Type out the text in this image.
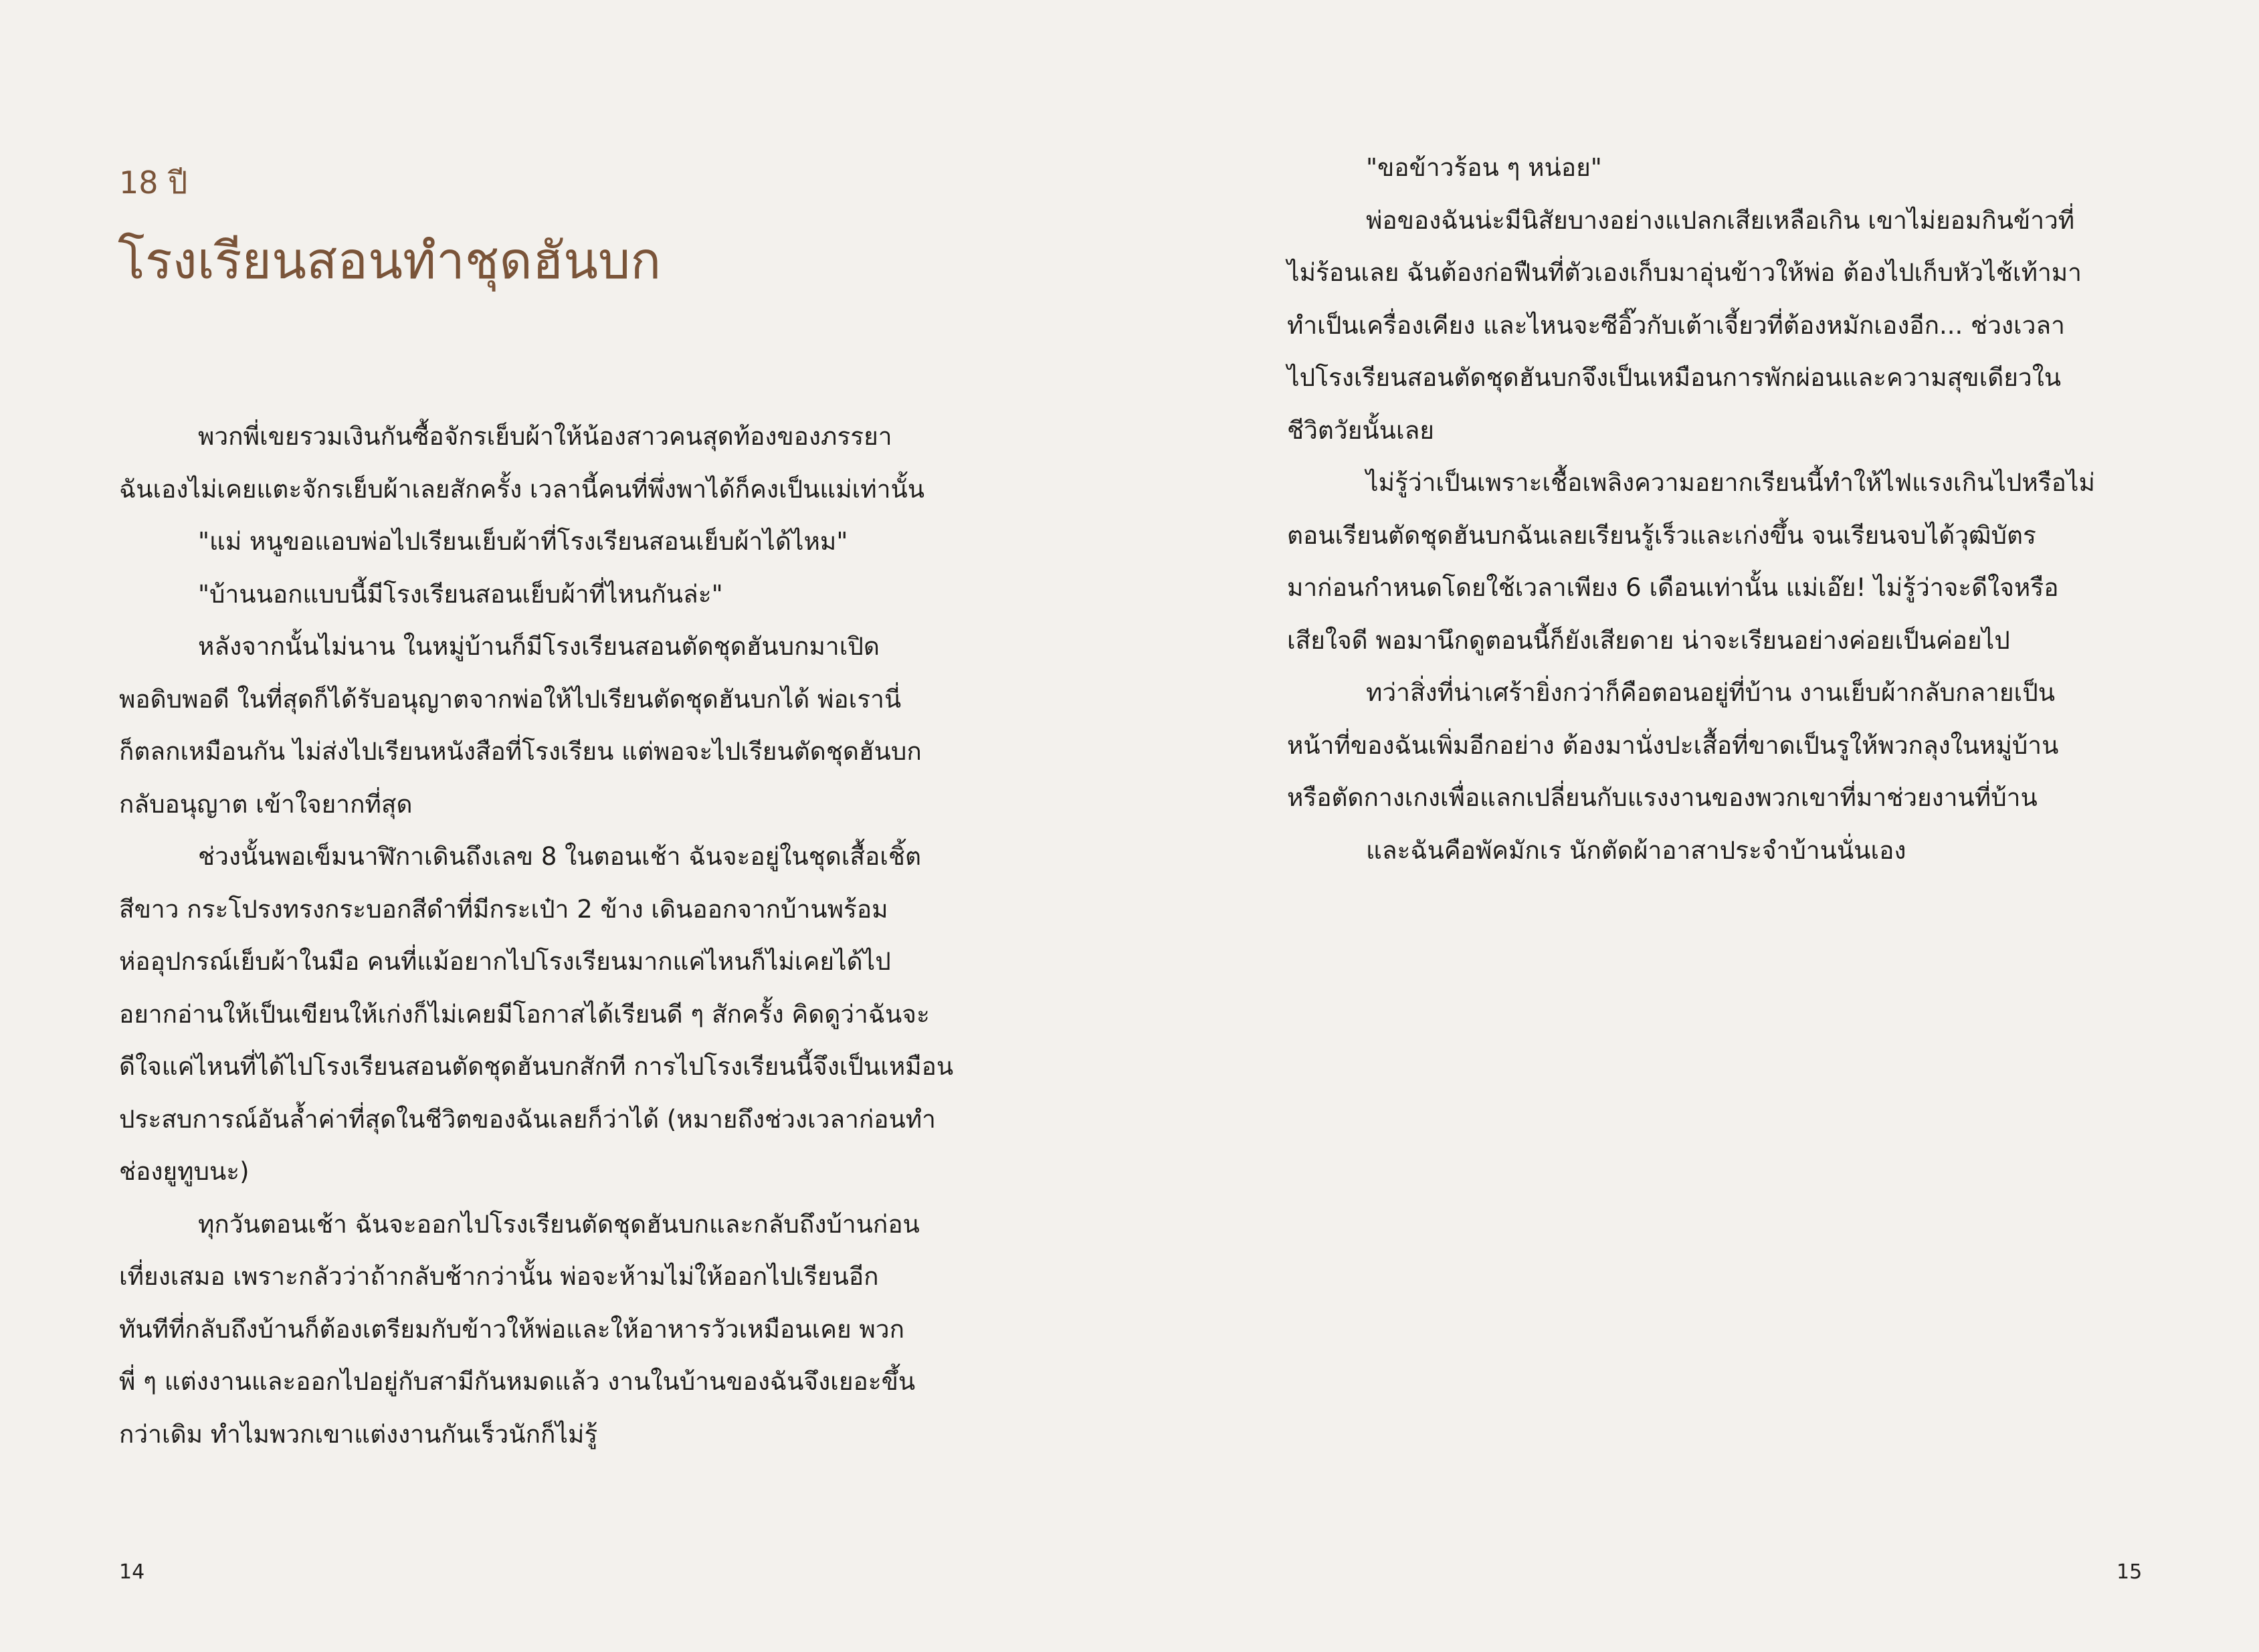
18 ปี
โรงเรียนสอนทำชุดฮันบก
พวกพี่เขยรวมเงินกันซื้อจักรเย็บผ้าให้น้องสาวคนสุดท้องของภรรยา
ฉันเองไม่เคยแตะจักรเย็บผ้าเลยสักครั้ง เวลานี้คนที่พึ่งพาได้ก็คงเป็นแม่เท่านั้น
"แม่ หนูขอแอบพ่อไปเรียนเย็บผ้าที่โรงเรียนสอนเย็บผ้าได้ไหม"
"บ้านนอกแบบนี้มีโรงเรียนสอนเย็บผ้าที่ไหนกันล่ะ"
หลังจากนั้นไม่นาน ในหมู่บ้านก็มีโรงเรียนสอนตัดชุดฮันบกมาเปิด
พอดิบพอดี ในที่สุดก็ได้รับอนุญาตจากพ่อให้ไปเรียนตัดชุดฮันบกได้ พ่อเรานี่
ก็ตลกเหมือนกัน ไม่ส่งไปเรียนหนังสือที่โรงเรียน แต่พอจะไปเรียนตัดชุดฮันบก
กลับอนุญาต เข้าใจยากที่สุด
ช่วงนั้นพอเข็มนาฬิกาเดินถึงเลข 8 ในตอนเช้า ฉันจะอยู่ในชุดเสื้อเชิ้ต
สีขาว กระโปรงทรงกระบอกสีดำที่มีกระเป๋า 2 ข้าง เดินออกจากบ้านพร้อม
ห่ออุปกรณ์เย็บผ้าในมือ คนที่แม้อยากไปโรงเรียนมากแค่ไหนก็ไม่เคยได้ไป
อยากอ่านให้เป็นเขียนให้เก่งก็ไม่เคยมีโอกาสได้เรียนดี ๆ สักครั้ง คิดดูว่าฉันจะ
ดีใจแค่ไหนที่ได้ไปโรงเรียนสอนตัดชุดฮันบกสักที การไปโรงเรียนนี้จึงเป็นเหมือน
ประสบการณ์อันล้ำค่าที่สุดในชีวิตของฉันเลยก็ว่าได้ (หมายถึงช่วงเวลาก่อนทำ
ช่องยูทูบนะ)
ทุกวันตอนเช้า ฉันจะออกไปโรงเรียนตัดชุดฮันบกและกลับถึงบ้านก่อน
เที่ยงเสมอ เพราะกลัวว่าถ้ากลับช้ากว่านั้น พ่อจะห้ามไม่ให้ออกไปเรียนอีก
ทันทีที่กลับถึงบ้านก็ต้องเตรียมกับข้าวให้พ่อและให้อาหารวัวเหมือนเคย พวก
พี่ ๆ แต่งงานและออกไปอยู่กับสามีกันหมดแล้ว งานในบ้านของฉันจึงเยอะขึ้น
กว่าเดิม ทำไมพวกเขาแต่งงานกันเร็วนักก็ไม่รู้
14
"ขอข้าวร้อน ๆ หน่อย"
พ่อของฉันน่ะมีนิสัยบางอย่างแปลกเสียเหลือเกิน เขาไม่ยอมกินข้าวที่
ไม่ร้อนเลย ฉันต้องก่อฟืนที่ตัวเองเก็บมาอุ่นข้าวให้พ่อ ต้องไปเก็บหัวไช้เท้ามา
ทำเป็นเครื่องเคียง และไหนจะซีอิ๊วกับเต้าเจี้ยวที่ต้องหมักเองอีก... ช่วงเวลา
ไปโรงเรียนสอนตัดชุดฮันบกจึงเป็นเหมือนการพักผ่อนและความสุขเดียวใน
ชีวิตวัยนั้นเลย
ไม่รู้ว่าเป็นเพราะเชื้อเพลิงความอยากเรียนนี้ทำให้ไฟแรงเกินไปหรือไม่
ตอนเรียนตัดชุดฮันบกฉันเลยเรียนรู้เร็วและเก่งขึ้น จนเรียนจบได้วุฒิบัตร
มาก่อนกำหนดโดยใช้เวลาเพียง 6 เดือนเท่านั้น แม่เอ๊ย! ไม่รู้ว่าจะดีใจหรือ
เสียใจดี พอมานึกดูตอนนี้ก็ยังเสียดาย น่าจะเรียนอย่างค่อยเป็นค่อยไป
ทว่าสิ่งที่น่าเศร้ายิ่งกว่าก็คือตอนอยู่ที่บ้าน งานเย็บผ้ากลับกลายเป็น
หน้าที่ของฉันเพิ่มอีกอย่าง ต้องมานั่งปะเสื้อที่ขาดเป็นรูให้พวกลุงในหมู่บ้าน
หรือตัดกางเกงเพื่อแลกเปลี่ยนกับแรงงานของพวกเขาที่มาช่วยงานที่บ้าน
และฉันคือพัคมักเร นักตัดผ้าอาสาประจำบ้านนั่นเอง
15
